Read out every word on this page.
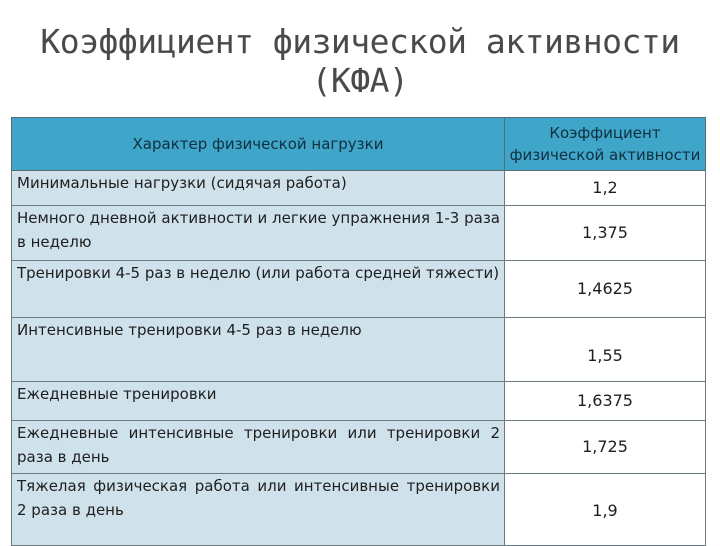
Коэффициент физической активности
(КФА)
Характер физической нагрузки	Коэффициент
физической активности

Минимальные нагрузки (сидячая работа)	1,2
Немного дневной активности и легкие упражнения 1-3 раза в неделю	1,375
Тренировки 4-5 раз в неделю (или работа средней тяжести)	1,4625
Интенсивные тренировки 4-5 раз в неделю	1,55
Ежедневные тренировки	1,6375
Ежедневные интенсивные тренировки или тренировки 2 раза в день	1,725
Тяжелая физическая работа или интенсивные тренировки 2 раза в день	1,9
